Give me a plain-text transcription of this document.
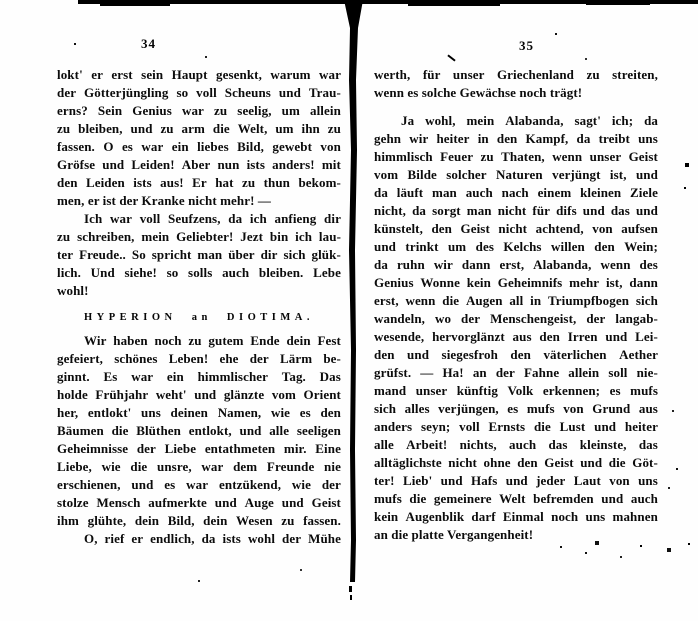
34	35
lokt' er erst sein Haupt gesenkt, warum war
der Götterjüngling so voll Scheuns und Trau-
erns? Sein Genius war zu seelig, um allein
zu bleiben, und zu arm die Welt, um ihn zu
fassen. O es war ein liebes Bild, gewebt von
Gröfse und Leiden! Aber nun ists anders! mit
den Leiden ists aus! Er hat zu thun bekom-
men, er ist der Kranke nicht mehr! —
Ich war voll Seufzens, da ich anfieng dir
zu schreiben, mein Geliebter! Jezt bin ich lau-
ter Freude.. So spricht man über dir sich glük-
lich. Und siehe! so solls auch bleiben. Lebe
wohl!
HYPERION an DIOTIMA.
Wir haben noch zu gutem Ende dein Fest
gefeiert, schönes Leben! ehe der Lärm be-
ginnt. Es war ein himmlischer Tag. Das
holde Frühjahr weht' und glänzte vom Orient
her, entlokt' uns deinen Namen, wie es den
Bäumen die Blüthen entlokt, und alle seeligen
Geheimnisse der Liebe entathmeten mir. Eine
Liebe, wie die unsre, war dem Freunde nie
erschienen, und es war entzükend, wie der
stolze Mensch aufmerkte und Auge und Geist
ihm glühte, dein Bild, dein Wesen zu fassen.
O, rief er endlich, da ists wohl der Mühe
werth, für unser Griechenland zu streiten,
wenn es solche Gewächse noch trägt!
Ja wohl, mein Alabanda, sagt' ich; da
gehn wir heiter in den Kampf, da treibt uns
himmlisch Feuer zu Thaten, wenn unser Geist
vom Bilde solcher Naturen verjüngt ist, und
da läuft man auch nach einem kleinen Ziele
nicht, da sorgt man nicht für difs und das und
künstelt, den Geist nicht achtend, von aufsen
und trinkt um des Kelchs willen den Wein;
da ruhn wir dann erst, Alabanda, wenn des
Genius Wonne kein Geheimnifs mehr ist, dann
erst, wenn die Augen all in Triumpfbogen sich
wandeln, wo der Menschengeist, der langab-
wesende, hervorglänzt aus den Irren und Lei-
den und siegesfroh den väterlichen Aether
grüfst. — Ha! an der Fahne allein soll nie-
mand unser künftig Volk erkennen; es mufs
sich alles verjüngen, es mufs von Grund aus
anders seyn; voll Ernsts die Lust und heiter
alle Arbeit! nichts, auch das kleinste, das
alltäglichste nicht ohne den Geist und die Göt-
ter! Lieb' und Hafs und jeder Laut von uns
mufs die gemeinere Welt befremden und auch
kein Augenblik darf Einmal noch uns mahnen
an die platte Vergangenheit!
